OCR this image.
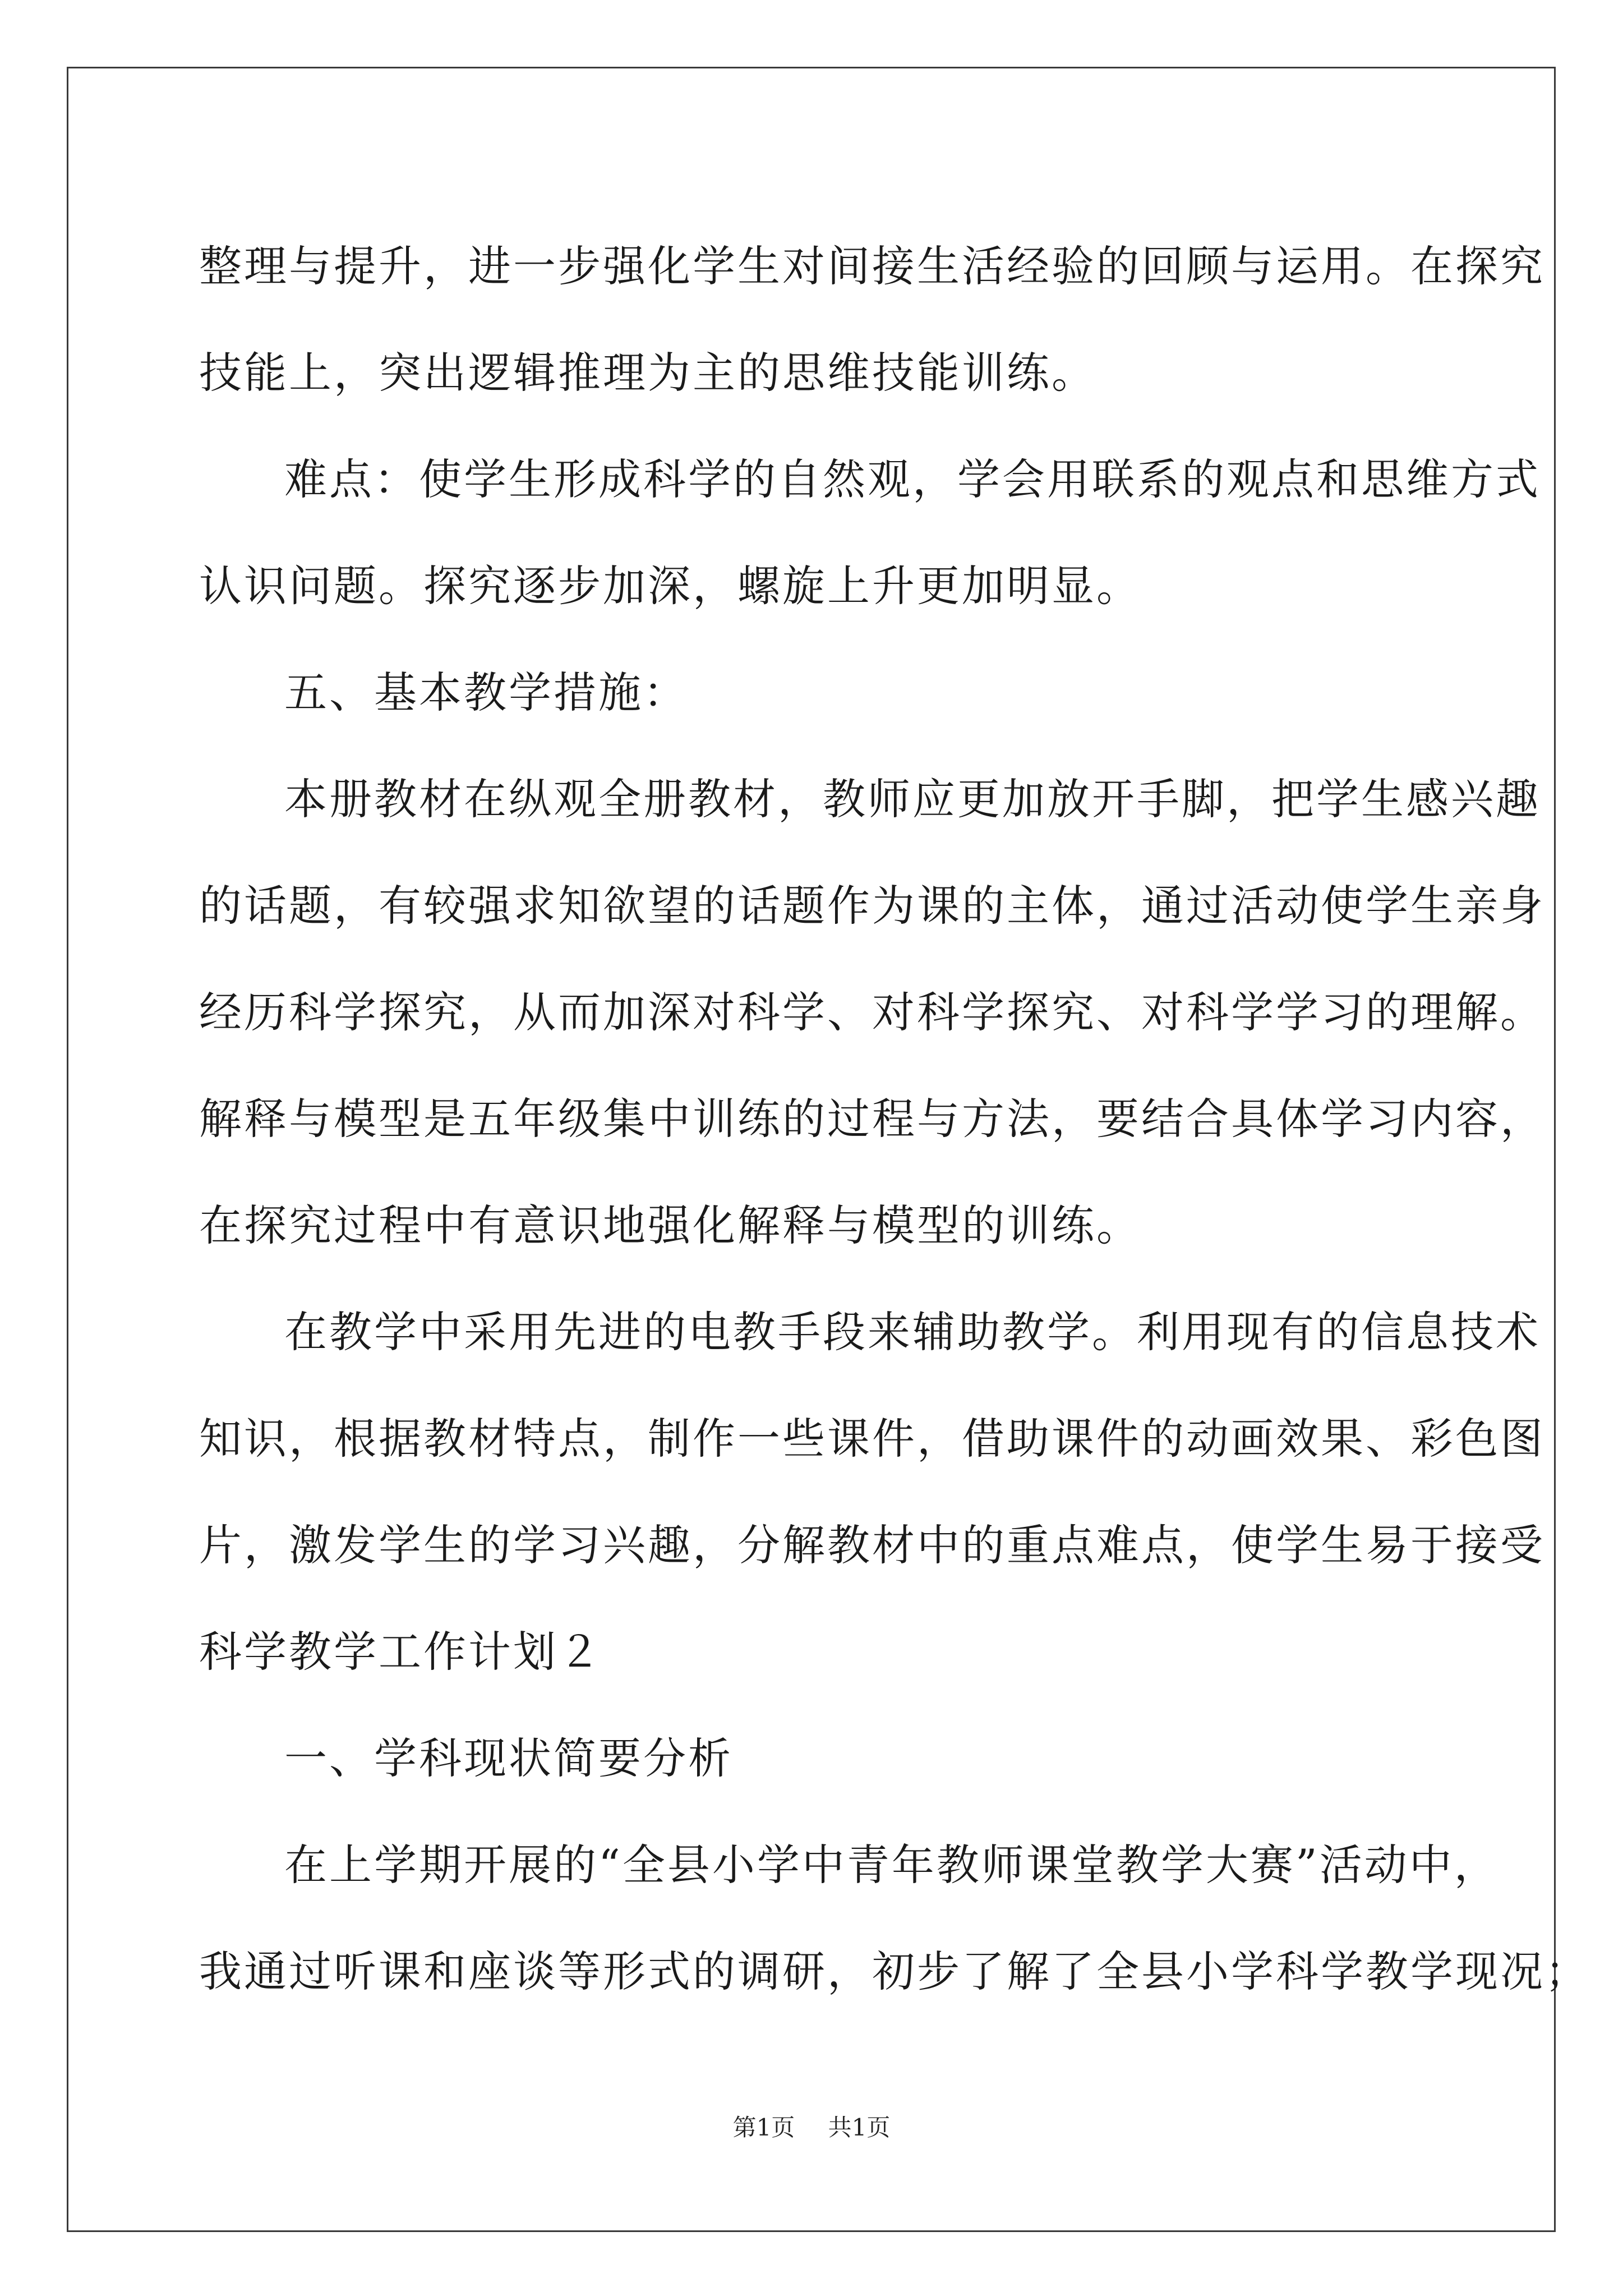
整理与提升，进一步强化学生对间接生活经验的回顾与运用。在探究
技能上，突出逻辑推理为主的思维技能训练。

难点：使学生形成科学的自然观，学会用联系的观点和思维方式
认识问题。探究逐步加深，螺旋上升更加明显。

五、基本教学措施：

本册教材在纵观全册教材，教师应更加放开手脚，把学生感兴趣
的话题，有较强求知欲望的话题作为课的主体，通过活动使学生亲身
经历科学探究，从而加深对科学、对科学探究、对科学学习的理解。
解释与模型是五年级集中训练的过程与方法，要结合具体学习内容，
在探究过程中有意识地强化解释与模型的训练。

在教学中采用先进的电教手段来辅助教学。利用现有的信息技术
知识，根据教材特点，制作一些课件，借助课件的动画效果、彩色图
片，激发学生的学习兴趣，分解教材中的重点难点，使学生易于接受

科学教学工作计划２

一、学科现状简要分析

在上学期开展的“全县小学中青年教师课堂教学大赛”活动中，
我通过听课和座谈等形式的调研，初步了解了全县小学科学教学现况；

第1页 共1页
